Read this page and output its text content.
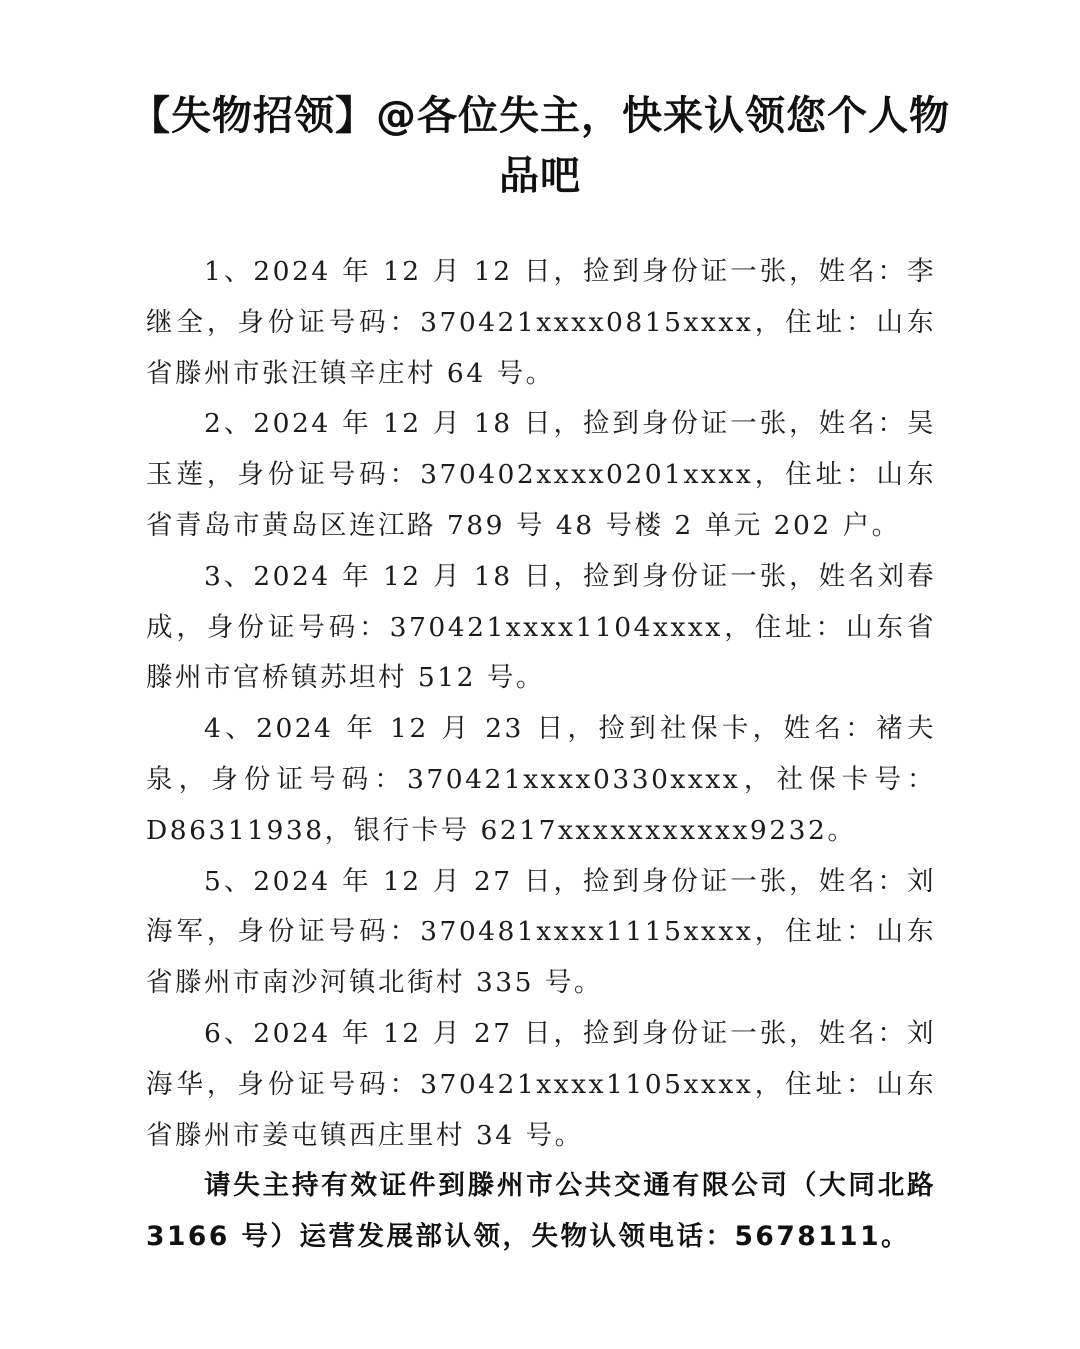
【失物招领】@各位失主，快来认领您个人物品吧

1、2024 年 12 月 12 日，捡到身份证一张，姓名：李继全，身份证号码：370421xxxx0815xxxx，住址：山东省滕州市张汪镇辛庄村 64 号。

2、2024 年 12 月 18 日，捡到身份证一张，姓名：吴玉莲，身份证号码：370402xxxx0201xxxx，住址：山东省青岛市黄岛区连江路 789 号 48 号楼 2 单元 202 户。

3、2024 年 12 月 18 日，捡到身份证一张，姓名刘春成，身份证号码：370421xxxx1104xxxx，住址：山东省滕州市官桥镇苏坦村 512 号。

4、2024 年 12 月 23 日，捡到社保卡，姓名：褚夫泉，身份证号码：370421xxxx0330xxxx，社保卡号：D86311938，银行卡号 6217xxxxxxxxxxx9232。

5、2024 年 12 月 27 日，捡到身份证一张，姓名：刘海军，身份证号码：370481xxxx1115xxxx，住址：山东省滕州市南沙河镇北街村 335 号。

6、2024 年 12 月 27 日，捡到身份证一张，姓名：刘海华，身份证号码：370421xxxx1105xxxx，住址：山东省滕州市姜屯镇西庄里村 34 号。

请失主持有效证件到滕州市公共交通有限公司（大同北路 3166 号）运营发展部认领，失物认领电话：5678111。
